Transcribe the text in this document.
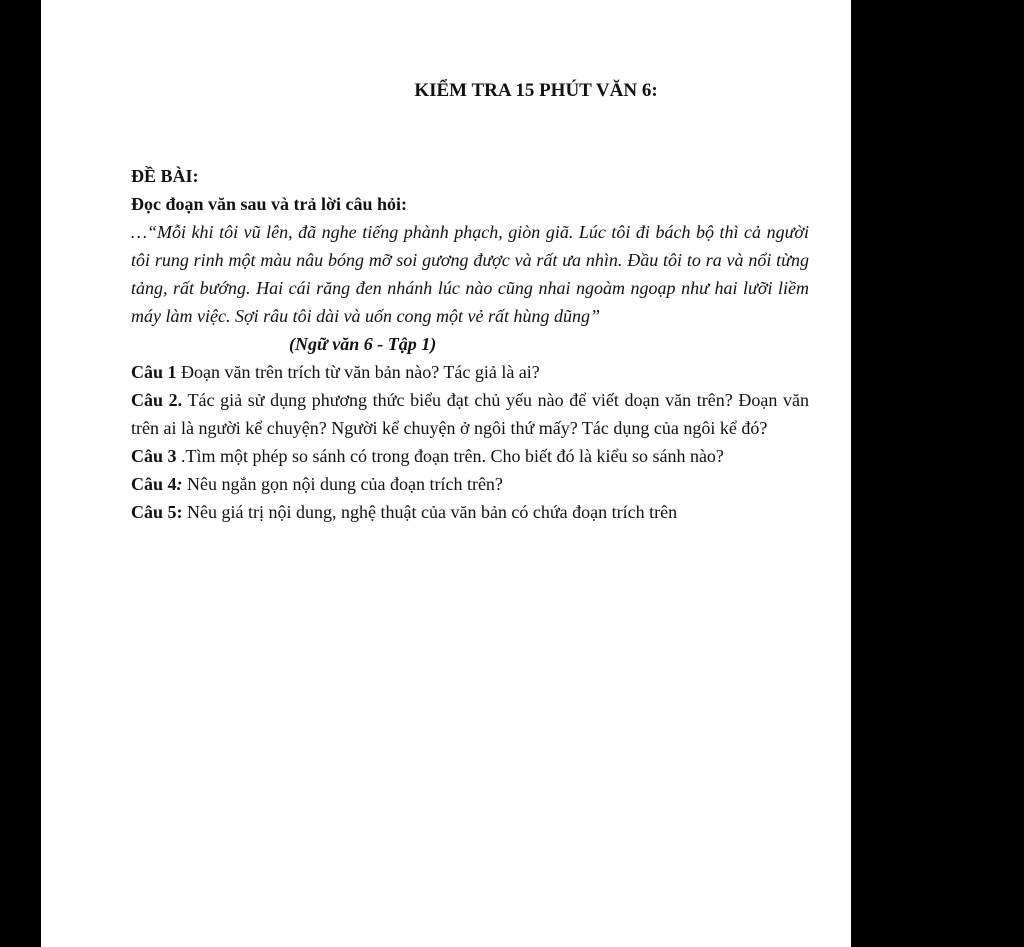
KIỂM TRA 15 PHÚT VĂN 6:

ĐỀ BÀI:

Đọc đoạn văn sau và trả lời câu hỏi:

…“Mỗi khi tôi vũ lên, đã nghe tiếng phành phạch, giòn giã. Lúc tôi đi bách bộ thì cả người tôi rung rinh một màu nâu bóng mỡ soi gương được và rất ưa nhìn. Đầu tôi to ra và nổi từng tảng, rất bướng. Hai cái răng đen nhánh lúc nào cũng nhai ngoàm ngoạp như hai lưỡi liềm máy làm việc. Sợi râu tôi dài và uốn cong một vẻ rất hùng dũng”

(Ngữ văn 6 - Tập 1)

Câu 1 Đoạn văn trên trích từ văn bản nào? Tác giả là ai?

Câu 2. Tác giả sử dụng phương thức biểu đạt chủ yếu nào để viết doạn văn trên? Đoạn văn trên ai là người kể chuyện? Người kể chuyện ở ngôi thứ mấy? Tác dụng của ngôi kể đó?

Câu 3 .Tìm một phép so sánh có trong đoạn trên. Cho biết đó là kiểu so sánh nào?

Câu 4: Nêu ngắn gọn nội dung của đoạn trích trên?

Câu 5: Nêu giá trị nội dung, nghệ thuật của văn bản có chứa đoạn trích trên
